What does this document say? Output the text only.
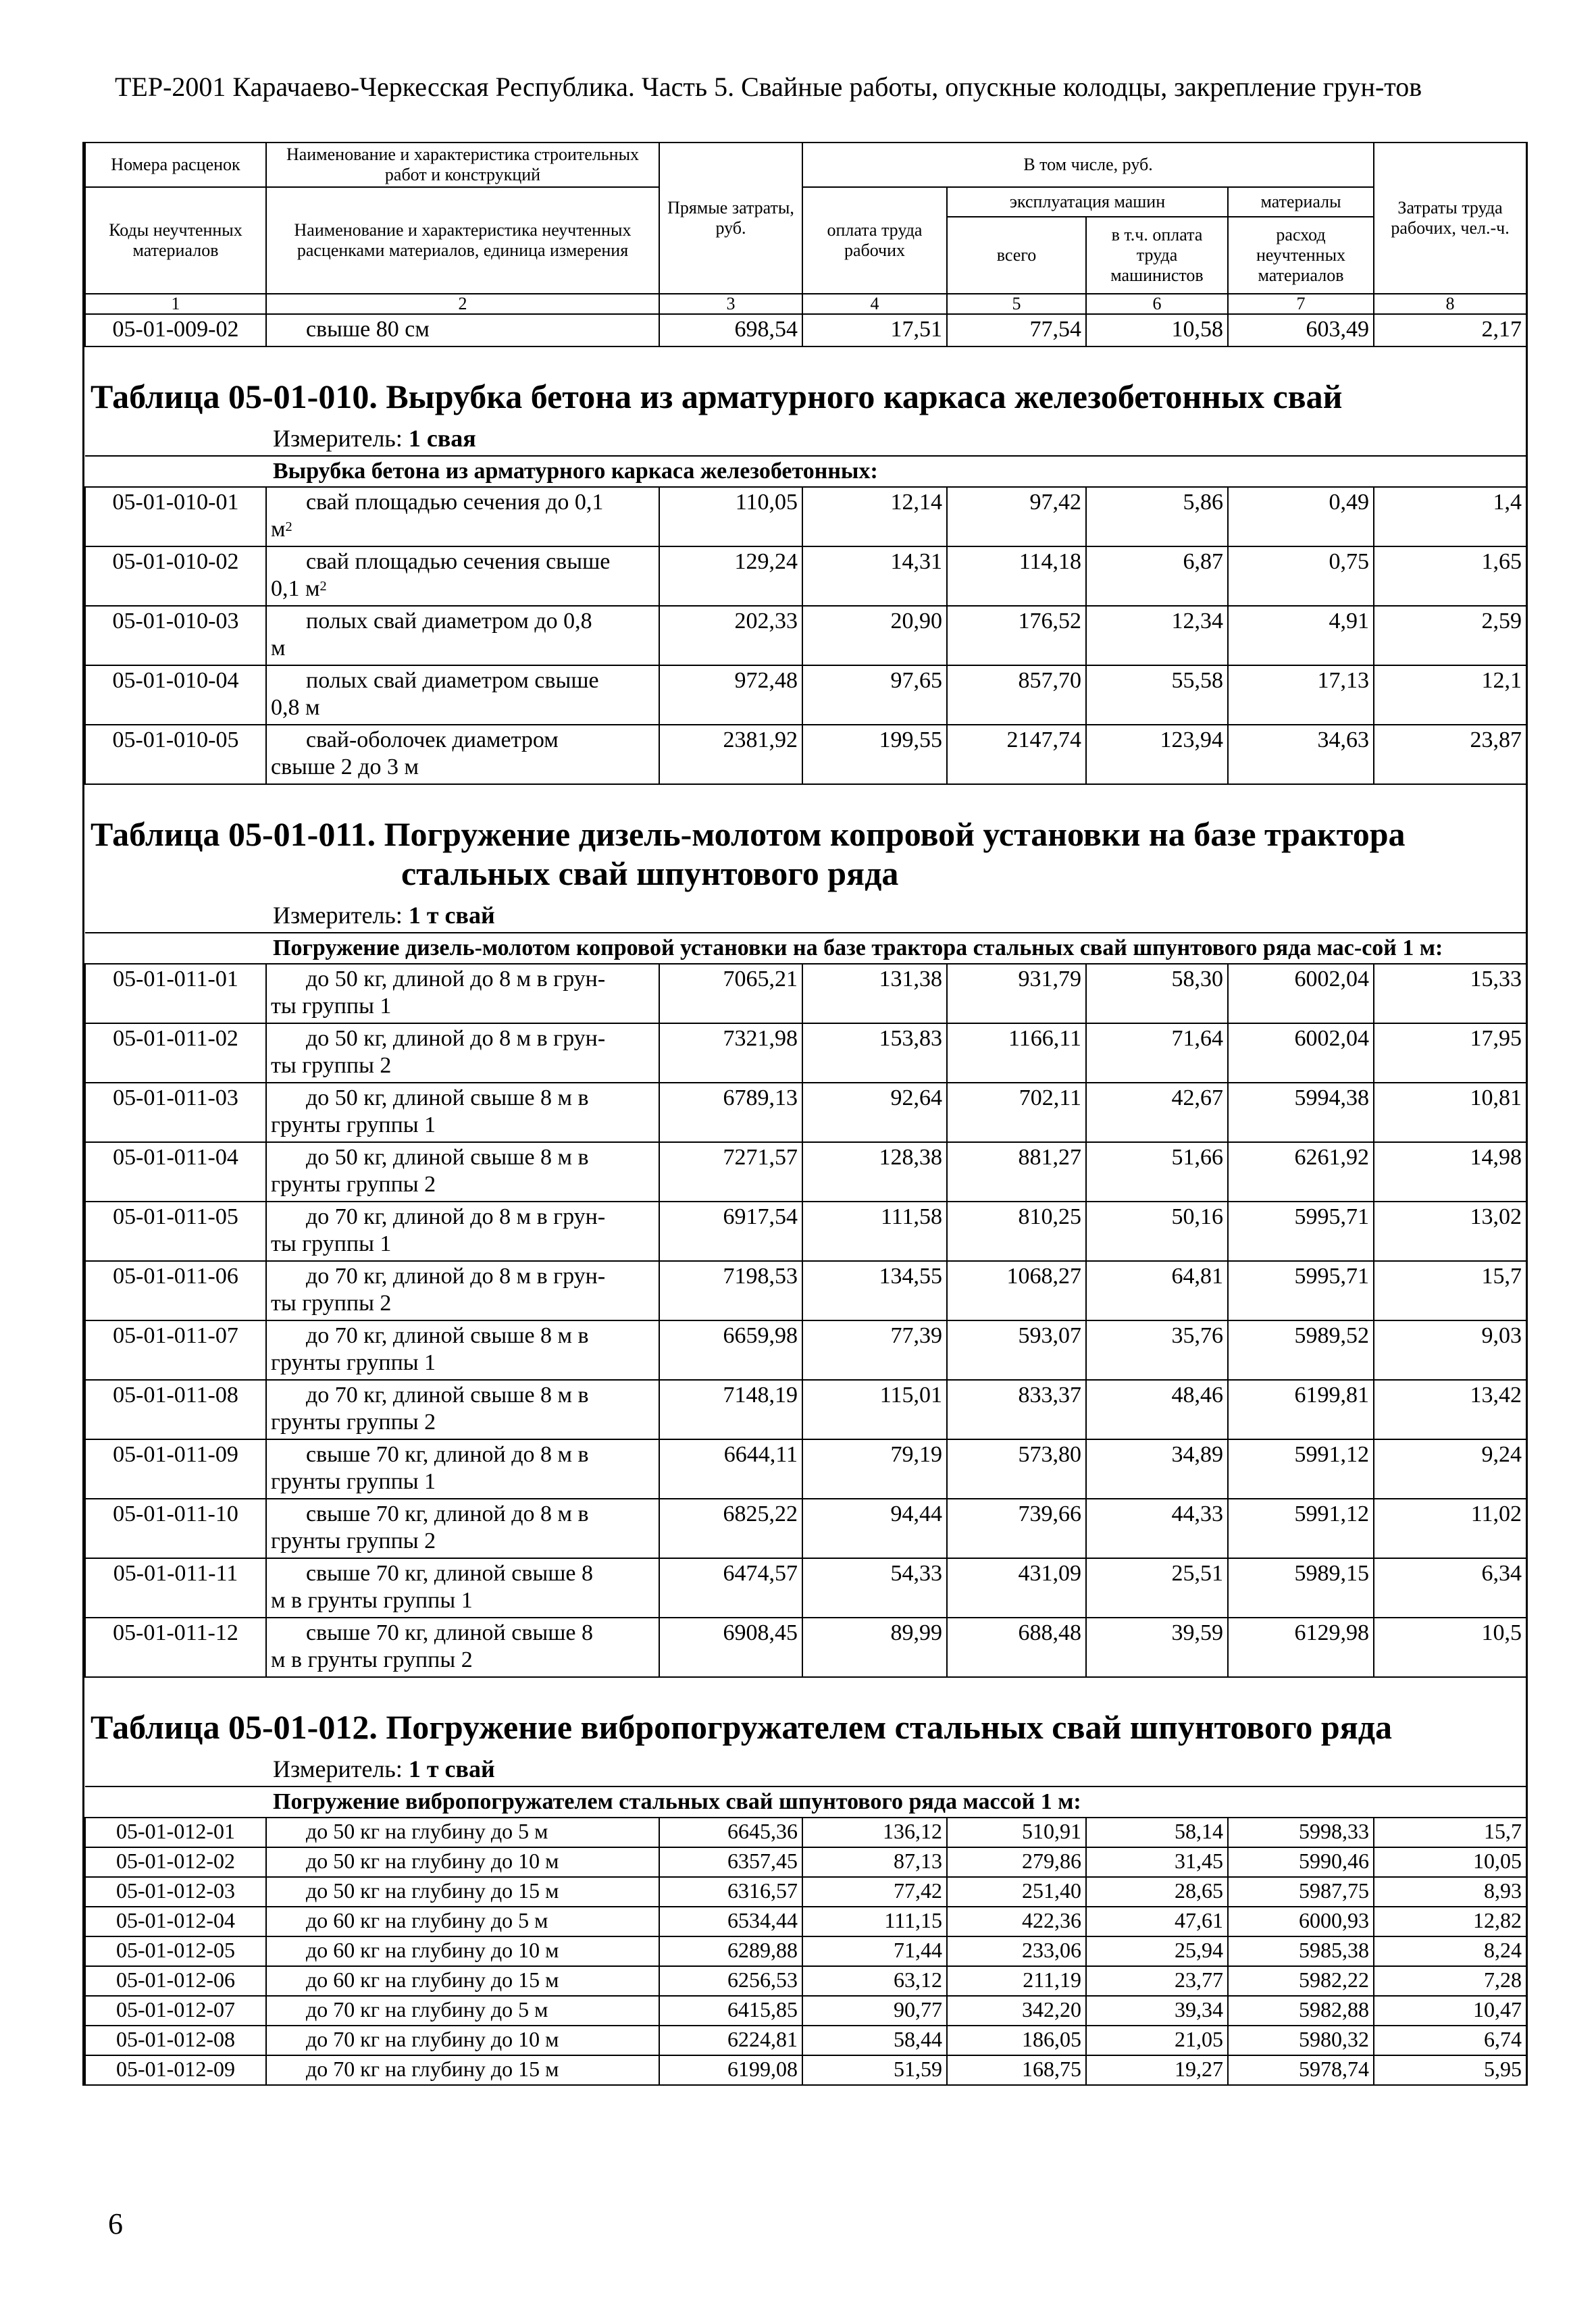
ТЕР-2001 Карачаево-Черкесская Республика. Часть 5. Свайные работы, опускные колодцы, закрепление грун-тов
Номера расценок	Наименование и характеристика строительных работ и конструкций	Прямые затраты, руб.	В том числе, руб.				Затраты труда рабочих, чел.-ч.
Коды неучтенных материалов	Наименование и характеристика неучтенных расценками материалов, единица измерения		оплата труда рабочих	эксплуатация машин		материалы	
				всего	в т.ч. оплата труда машинистов	расход неучтенных материалов	
1	2	3	4	5	6	7	8
05-01-009-02	свыше 80 см	698,54	17,51	77,54	10,58	603,49	2,17

Таблица 05-01-010. Вырубка бетона из арматурного каркаса железобетонных свай							

Измеритель: 1 свая							
Вырубка бетона из арматурного каркаса железобетонных:							
05-01-010-01	свай площадью сечения до 0,1
$м^2$	110,05	12,14	97,42	5,86	0,49	1,4
05-01-010-02	свай площадью сечения свыше
0,1 $м^2$	129,24	14,31	114,18	6,87	0,75	1,65
05-01-010-03	полых свай диаметром до 0,8
м	202,33	20,90	176,52	12,34	4,91	2,59
05-01-010-04	полых свай диаметром свыше
0,8 м	972,48	97,65	857,70	55,58	17,13	12,1
05-01-010-05	свай-оболочек диаметром
свыше 2 до 3 м	2381,92	199,55	2147,74	123,94	34,63	23,87

Таблица 05-01-011. Погружение дизель-молотом копровой установки на базе трактора
стальных свай шпунтового ряда							

Измеритель: 1 т свай							
Погружение дизель-молотом копровой установки на базе трактора стальных свай шпунтового ряда мас-сой 1 м:							
05-01-011-01	до 50 кг, длиной до 8 м в грун-
ты группы 1	7065,21	131,38	931,79	58,30	6002,04	15,33
05-01-011-02	до 50 кг, длиной до 8 м в грун-
ты группы 2	7321,98	153,83	1166,11	71,64	6002,04	17,95
05-01-011-03	до 50 кг, длиной свыше 8 м в
грунты группы 1	6789,13	92,64	702,11	42,67	5994,38	10,81
05-01-011-04	до 50 кг, длиной свыше 8 м в
грунты группы 2	7271,57	128,38	881,27	51,66	6261,92	14,98
05-01-011-05	до 70 кг, длиной до 8 м в грун-
ты группы 1	6917,54	111,58	810,25	50,16	5995,71	13,02
05-01-011-06	до 70 кг, длиной до 8 м в грун-
ты группы 2	7198,53	134,55	1068,27	64,81	5995,71	15,7
05-01-011-07	до 70 кг, длиной свыше 8 м в
грунты группы 1	6659,98	77,39	593,07	35,76	5989,52	9,03
05-01-011-08	до 70 кг, длиной свыше 8 м в
грунты группы 2	7148,19	115,01	833,37	48,46	6199,81	13,42
05-01-011-09	свыше 70 кг, длиной до 8 м в
грунты группы 1	6644,11	79,19	573,80	34,89	5991,12	9,24
05-01-011-10	свыше 70 кг, длиной до 8 м в
грунты группы 2	6825,22	94,44	739,66	44,33	5991,12	11,02
05-01-011-11	свыше 70 кг, длиной свыше 8
м в грунты группы 1	6474,57	54,33	431,09	25,51	5989,15	6,34
05-01-011-12	свыше 70 кг, длиной свыше 8
м в грунты группы 2	6908,45	89,99	688,48	39,59	6129,98	10,5

Таблица 05-01-012. Погружение вибропогружателем стальных свай шпунтового ряда							

Измеритель: 1 т свай							
Погружение вибропогружателем стальных свай шпунтового ряда массой 1 м:							
05-01-012-01	до 50 кг на глубину до 5 м	6645,36	136,12	510,91	58,14	5998,33	15,7
05-01-012-02	до 50 кг на глубину до 10 м	6357,45	87,13	279,86	31,45	5990,46	10,05
05-01-012-03	до 50 кг на глубину до 15 м	6316,57	77,42	251,40	28,65	5987,75	8,93
05-01-012-04	до 60 кг на глубину до 5 м	6534,44	111,15	422,36	47,61	6000,93	12,82
05-01-012-05	до 60 кг на глубину до 10 м	6289,88	71,44	233,06	25,94	5985,38	8,24
05-01-012-06	до 60 кг на глубину до 15 м	6256,53	63,12	211,19	23,77	5982,22	7,28
05-01-012-07	до 70 кг на глубину до 5 м	6415,85	90,77	342,20	39,34	5982,88	10,47
05-01-012-08	до 70 кг на глубину до 10 м	6224,81	58,44	186,05	21,05	5980,32	6,74
05-01-012-09	до 70 кг на глубину до 15 м	6199,08	51,59	168,75	19,27	5978,74	5,95
6
